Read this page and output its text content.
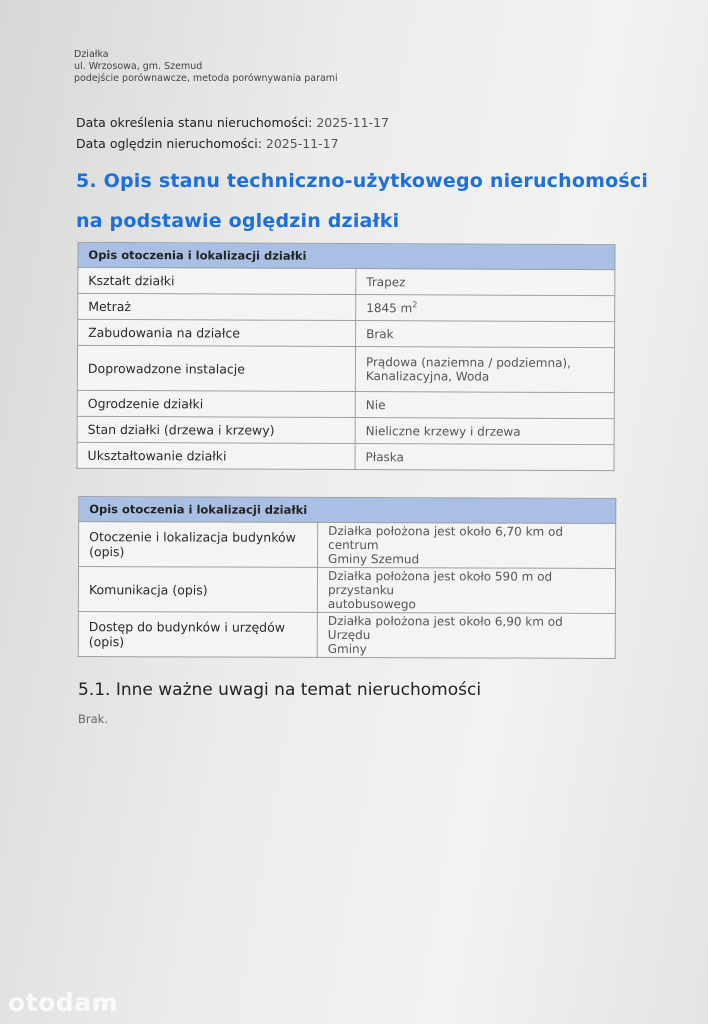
Działka
ul. Wrzosowa, gm. Szemud
podejście porównawcze, metoda porównywania parami
Data określenia stanu nieruchomości: 2025-11-17
Data oględzin nieruchomości: 2025-11-17
5. Opis stanu techniczno-użytkowego nieruchomości
na podstawie oględzin działki
Opis otoczenia i lokalizacji działki	
Kształt działki	Trapez
Metraż	1845 $m^2$
Zabudowania na działce	Brak
Doprowadzone instalacje	Prądowa (naziemna / podziemna),
Kanalizacyjna, Woda

Ogrodzenie działki	Nie
Stan działki (drzewa i krzewy)	Nieliczne krzewy i drzewa
Ukształtowanie działki	Płaska
Opis otoczenia i lokalizacji działki	
Otoczenie i lokalizacja budynków (opis)	Działka położona jest około 6,70 km od centrum
Gminy Szemud

Komunikacja (opis)	Działka położona jest około 590 m od przystanku
autobusowego

Dostęp do budynków i urzędów (opis)	Działka położona jest około 6,90 km od Urzędu
Gminy
5.1. Inne ważne uwagi na temat nieruchomości
Brak.
otodam
